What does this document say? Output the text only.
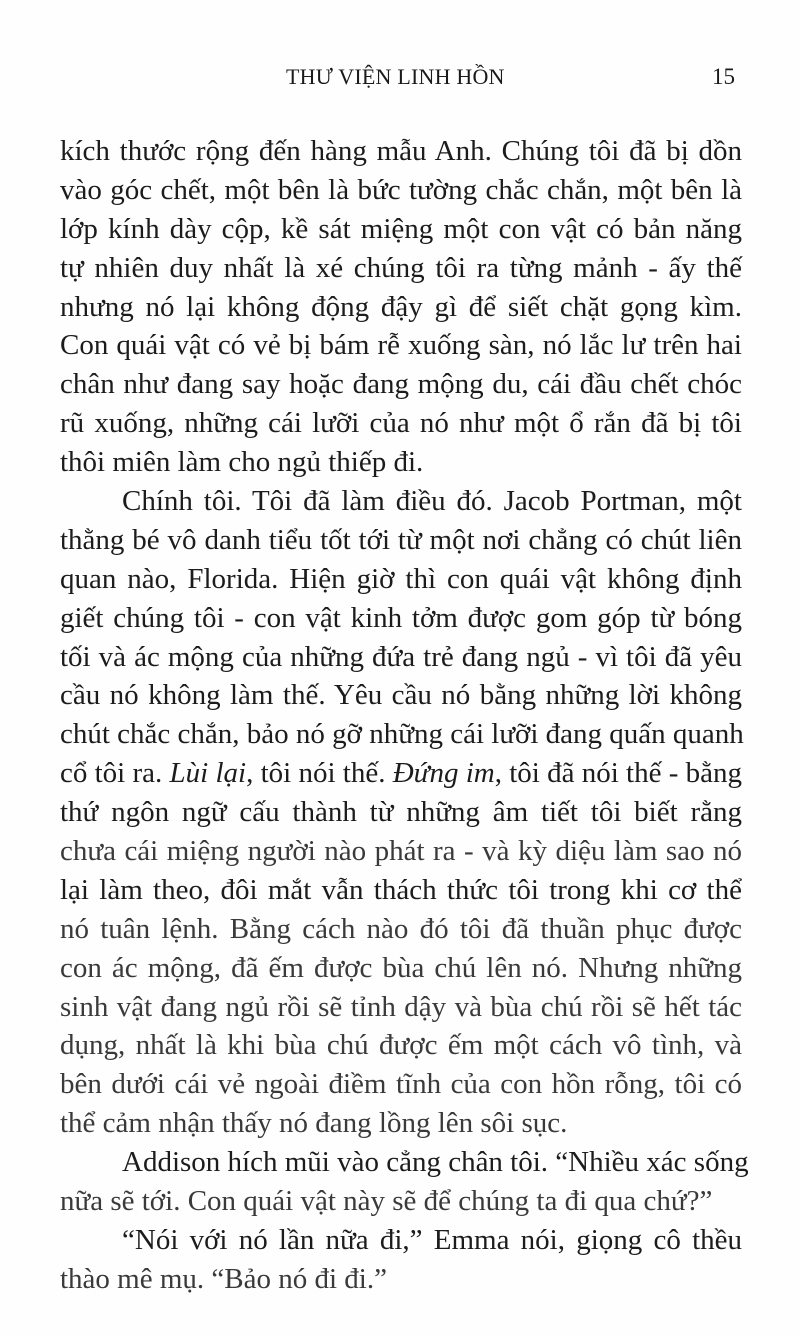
THƯ VIỆN LINH HỒN	15
kích thước rộng đến hàng mẫu Anh. Chúng tôi đã bị dồn
vào góc chết, một bên là bức tường chắc chắn, một bên là
lớp kính dày cộp, kề sát miệng một con vật có bản năng
tự nhiên duy nhất là xé chúng tôi ra từng mảnh - ấy thế
nhưng nó lại không động đậy gì để siết chặt gọng kìm.
Con quái vật có vẻ bị bám rễ xuống sàn, nó lắc lư trên hai
chân như đang say hoặc đang mộng du, cái đầu chết chóc
rũ xuống, những cái lưỡi của nó như một ổ rắn đã bị tôi
thôi miên làm cho ngủ thiếp đi.
Chính tôi. Tôi đã làm điều đó. Jacob Portman, một
thằng bé vô danh tiểu tốt tới từ một nơi chẳng có chút liên
quan nào, Florida. Hiện giờ thì con quái vật không định
giết chúng tôi - con vật kinh tởm được gom góp từ bóng
tối và ác mộng của những đứa trẻ đang ngủ - vì tôi đã yêu
cầu nó không làm thế. Yêu cầu nó bằng những lời không
chút chắc chắn, bảo nó gỡ những cái lưỡi đang quấn quanh
cổ tôi ra. Lùi lại, tôi nói thế. Đứng im, tôi đã nói thế - bằng
thứ ngôn ngữ cấu thành từ những âm tiết tôi biết rằng
chưa cái miệng người nào phát ra - và kỳ diệu làm sao nó
lại làm theo, đôi mắt vẫn thách thức tôi trong khi cơ thể
nó tuân lệnh. Bằng cách nào đó tôi đã thuần phục được
con ác mộng, đã ếm được bùa chú lên nó. Nhưng những
sinh vật đang ngủ rồi sẽ tỉnh dậy và bùa chú rồi sẽ hết tác
dụng, nhất là khi bùa chú được ếm một cách vô tình, và
bên dưới cái vẻ ngoài điềm tĩnh của con hồn rỗng, tôi có
thể cảm nhận thấy nó đang lồng lên sôi sục.
Addison hích mũi vào cẳng chân tôi. “Nhiều xác sống
nữa sẽ tới. Con quái vật này sẽ để chúng ta đi qua chứ?”
“Nói với nó lần nữa đi,” Emma nói, giọng cô thều
thào mê mụ. “Bảo nó đi đi.”
